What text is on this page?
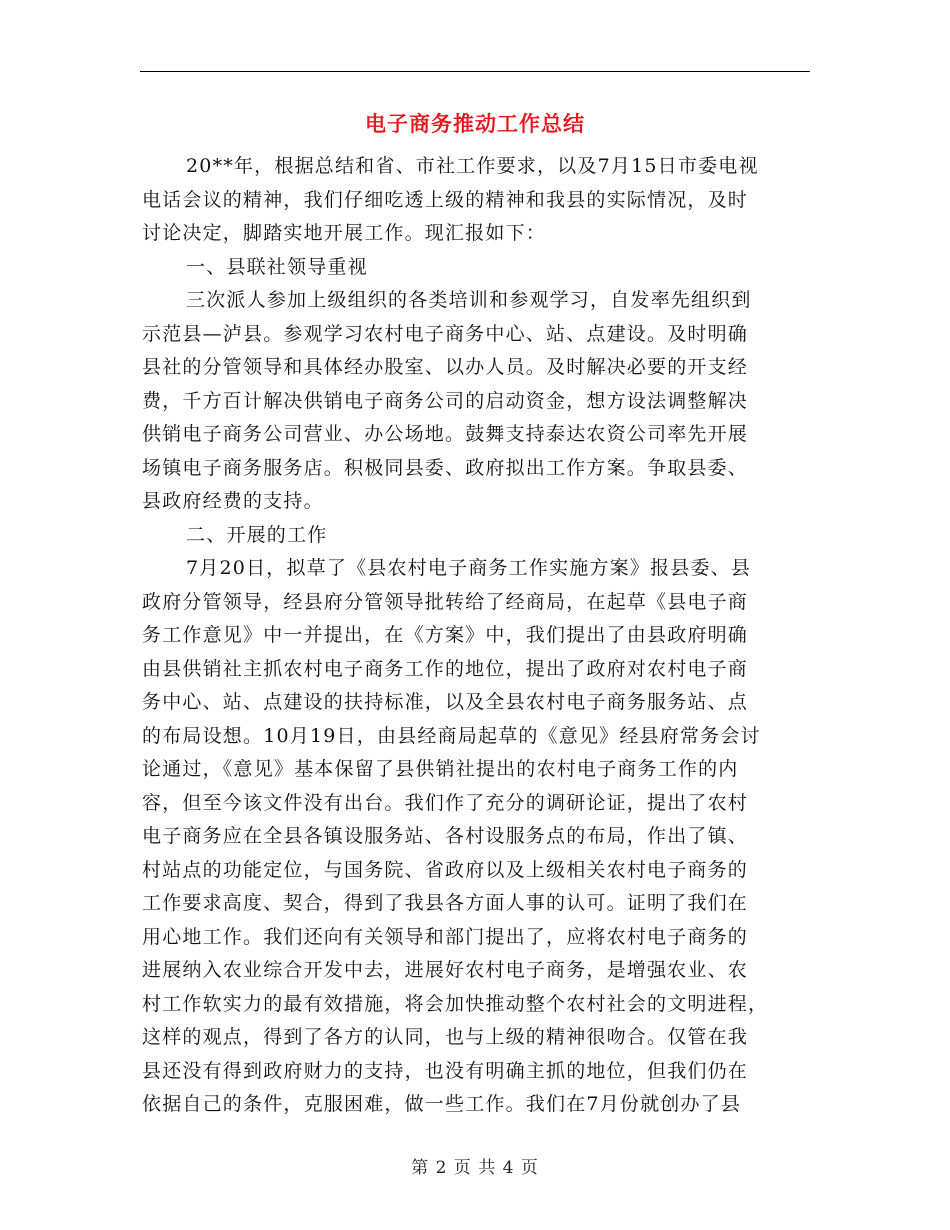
电子商务推动工作总结
20**年，根据总结和省、市社工作要求，以及7月15日市委电视
电话会议的精神，我们仔细吃透上级的精神和我县的实际情况，及时
讨论决定，脚踏实地开展工作。现汇报如下：
一、县联社领导重视
三次派人参加上级组织的各类培训和参观学习，自发率先组织到
示范县—泸县。参观学习农村电子商务中心、站、点建设。及时明确
县社的分管领导和具体经办股室、以办人员。及时解决必要的开支经
费，千方百计解决供销电子商务公司的启动资金，想方设法调整解决
供销电子商务公司营业、办公场地。鼓舞支持泰达农资公司率先开展
场镇电子商务服务店。积极同县委、政府拟出工作方案。争取县委、
县政府经费的支持。
二、开展的工作
7月20日，拟草了《县农村电子商务工作实施方案》报县委、县
政府分管领导，经县府分管领导批转给了经商局，在起草《县电子商
务工作意见》中一并提出，在《方案》中，我们提出了由县政府明确
由县供销社主抓农村电子商务工作的地位，提出了政府对农村电子商
务中心、站、点建设的扶持标准，以及全县农村电子商务服务站、点
的布局设想。10月19日，由县经商局起草的《意见》经县府常务会讨
论通过，《意见》基本保留了县供销社提出的农村电子商务工作的内
容，但至今该文件没有出台。我们作了充分的调研论证，提出了农村
电子商务应在全县各镇设服务站、各村设服务点的布局，作出了镇、
村站点的功能定位，与国务院、省政府以及上级相关农村电子商务的
工作要求高度、契合，得到了我县各方面人事的认可。证明了我们在
用心地工作。我们还向有关领导和部门提出了，应将农村电子商务的
进展纳入农业综合开发中去，进展好农村电子商务，是增强农业、农
村工作软实力的最有效措施，将会加快推动整个农村社会的文明进程，
这样的观点，得到了各方的认同，也与上级的精神很吻合。仅管在我
县还没有得到政府财力的支持，也没有明确主抓的地位，但我们仍在
依据自己的条件，克服困难，做一些工作。我们在7月份就创办了县
第 2 页 共 4 页
